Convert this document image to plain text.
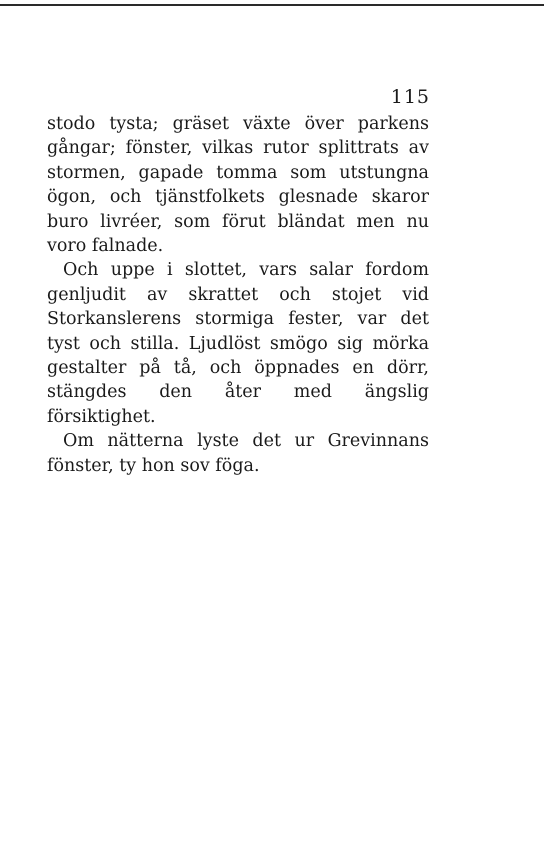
115

stodo tysta; gräset växte över parkens gångar; fönster, vilkas rutor splittrats av stormen, gapade tomma som utstungna ögon, och tjänstfolkets glesnade skaror buro livréer, som förut bländat men nu voro falnade.

Och uppe i slottet, vars salar fordom genljudit av skrattet och stojet vid Storkanslerens stormiga fester, var det tyst och stilla. Ljudlöst smögo sig mörka gestalter på tå, och öppnades en dörr, stängdes den åter med ängslig försiktighet.

Om nätterna lyste det ur Grevinnans fönster, ty hon sov föga.
